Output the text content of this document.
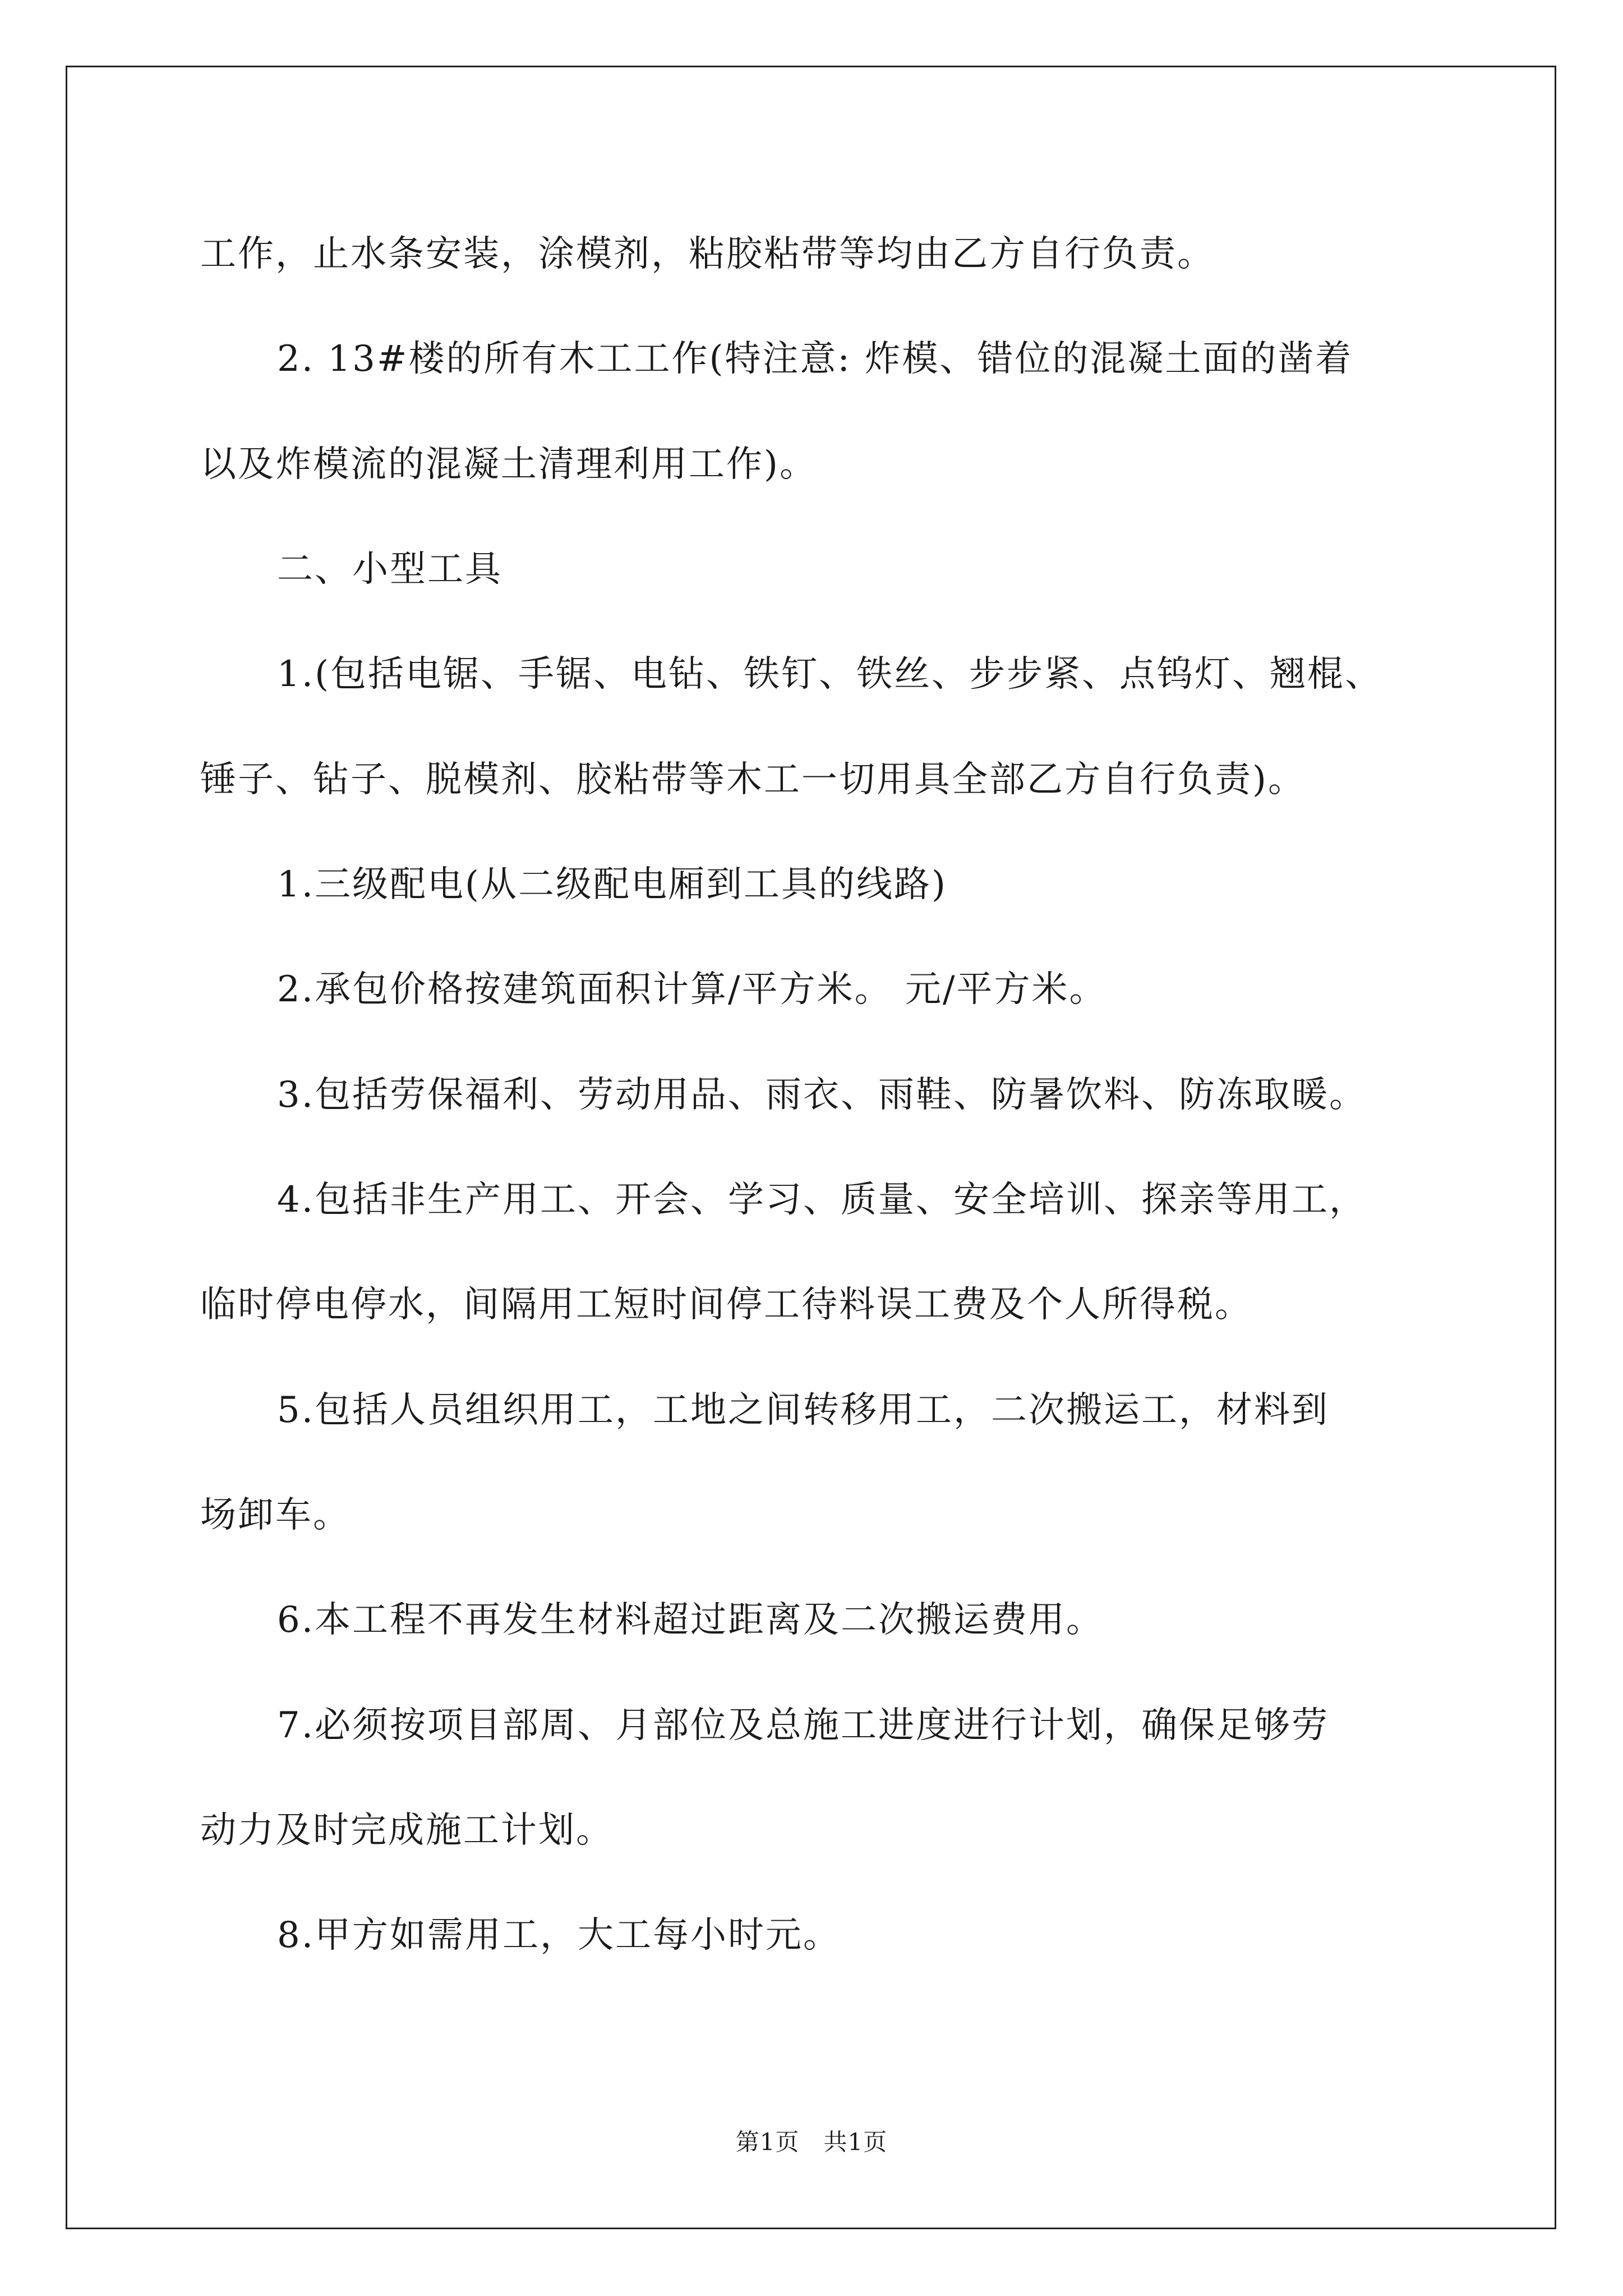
工作，止水条安装，涂模剂，粘胶粘带等均由乙方自行负责。
2. 13#楼的所有木工工作(特注意: 炸模、错位的混凝土面的凿着
以及炸模流的混凝土清理利用工作)。
二、小型工具
1.(包括电锯、手锯、电钻、铁钉、铁丝、步步紧、点钨灯、翘棍、
锤子、钻子、脱模剂、胶粘带等木工一切用具全部乙方自行负责)。
1.三级配电(从二级配电厢到工具的线路)
2.承包价格按建筑面积计算/平方米。 元/平方米。
3.包括劳保福利、劳动用品、雨衣、雨鞋、防暑饮料、防冻取暖。
4.包括非生产用工、开会、学习、质量、安全培训、探亲等用工，
临时停电停水，间隔用工短时间停工待料误工费及个人所得税。
5.包括人员组织用工，工地之间转移用工，二次搬运工，材料到
场卸车。
6.本工程不再发生材料超过距离及二次搬运费用。
7.必须按项目部周、月部位及总施工进度进行计划，确保足够劳
动力及时完成施工计划。
8.甲方如需用工，大工每小时元。
第1页　共1页
